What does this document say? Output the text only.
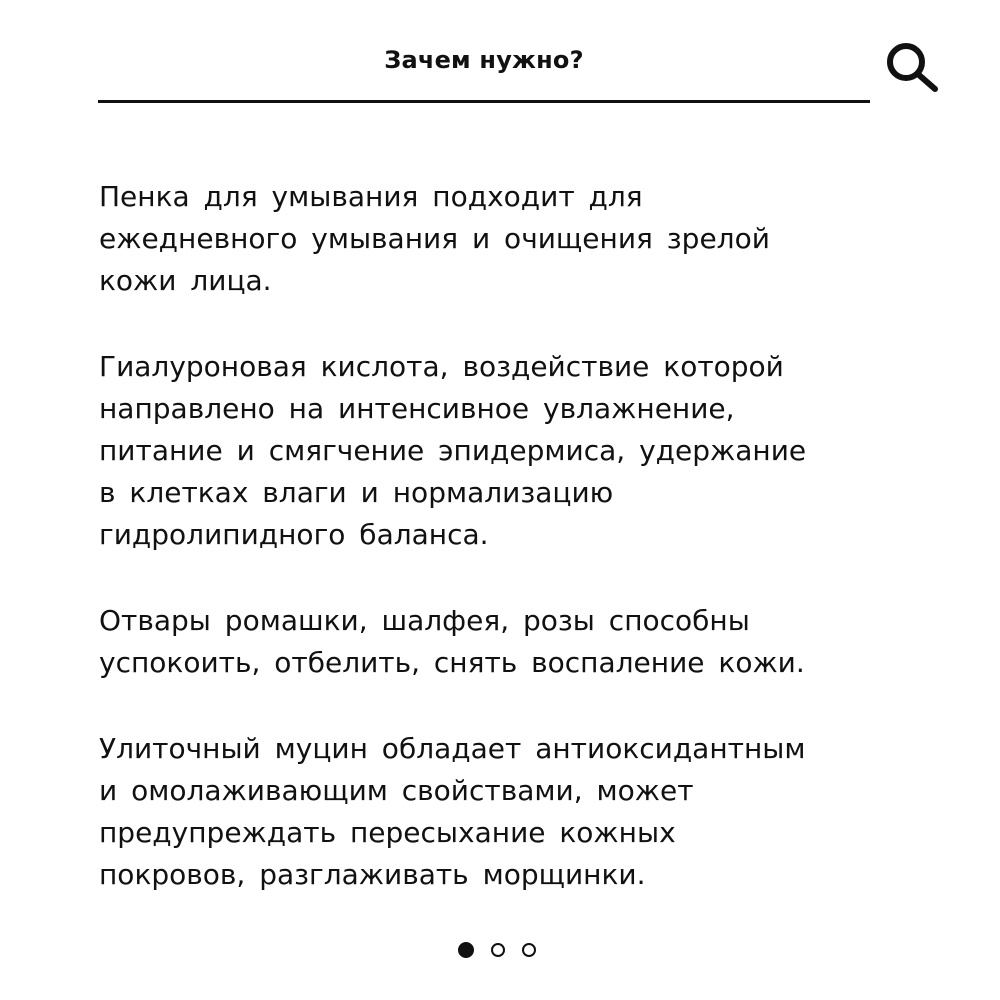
Зачем нужно?

Пенка для умывания подходит для
ежедневного умывания и очищения зрелой
кожи лица.

Гиалуроновая кислота, воздействие которой
направлено на интенсивное увлажнение,
питание и смягчение эпидермиса, удержание
в клетках влаги и нормализацию
гидролипидного баланса.

Отвары ромашки, шалфея, розы способны
успокоить, отбелить, снять воспаление кожи.

Улиточный муцин обладает антиоксидантным
и омолаживающим свойствами, может
предупреждать пересыхание кожных
покровов, разглаживать морщинки.
